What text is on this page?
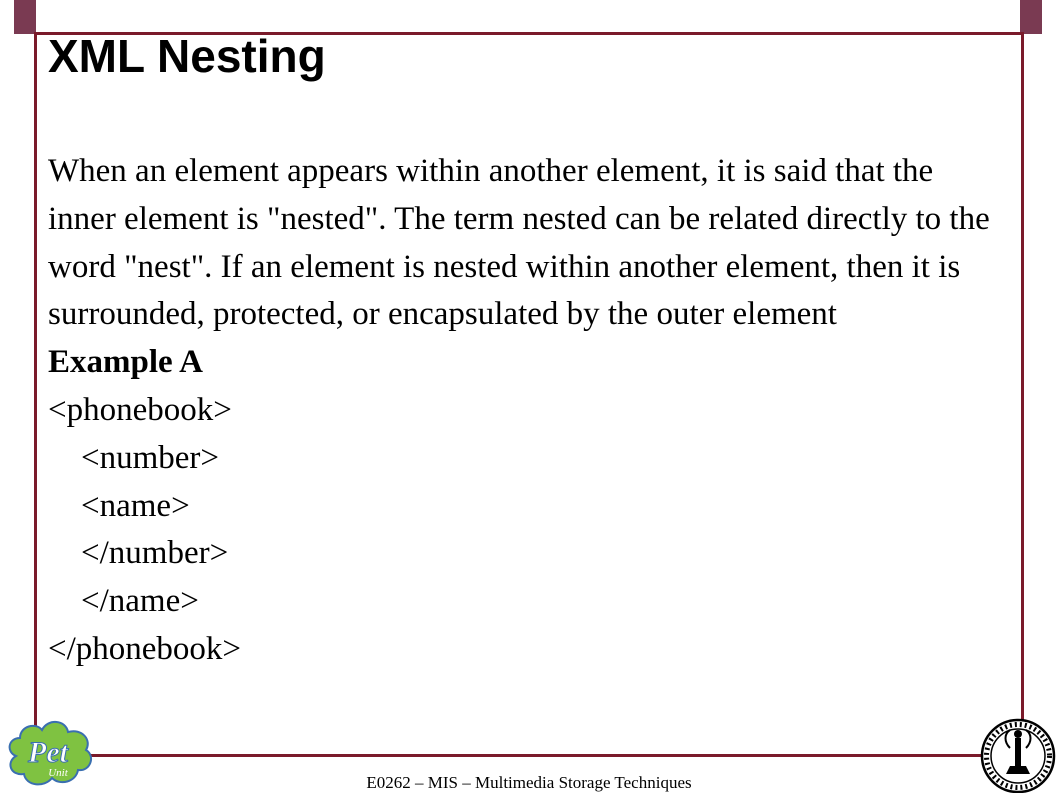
XML Nesting

When an element appears within another element, it is said that the inner element is "nested". The term nested can be related directly to the word "nest". If an element is nested within another element, then it is surrounded, protected, or encapsulated by the outer element

Example A
<phonebook>
<number>
<name>
</number>
</name>
</phonebook>
Pet
Unit	E0262 – MIS – Multimedia Storage Techniques
